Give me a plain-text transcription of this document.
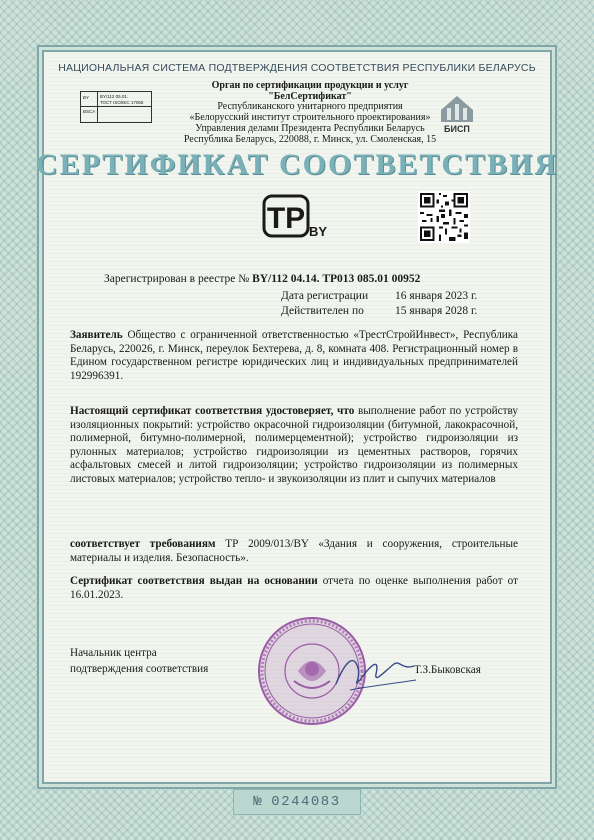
НАЦИОНАЛЬНАЯ СИСТЕМА ПОДТВЕРЖДЕНИЯ СООТВЕТСТВИЯ РЕСПУБЛИКИ БЕЛАРУСЬ
BY
BSCA
BY/112 05.01.
ТОСТ ISO/IEC 17065
Орган по сертификации продукции и услуг
"БелСертификат"
Республиканского унитарного предприятия
«Белорусский институт строительного проектирования»
Управления делами Президента Республики Беларусь
Республика Беларусь, 220088, г. Минск, ул. Смоленская, 15
БИСП
СЕРТИФИКАТ СООТВЕТСТВИЯ
TP BY
Зарегистрирован в реестре № BY/112 04.14. ТР013 085.01 00952
Дата регистрации 16 января 2023 г.
Действителен по	15 января 2028 г.
Заявитель Общество с ограниченной ответственностью «ТрестСтройИнвест», Республика Беларусь, 220026, г. Минск, переулок Бехтерева, д. 8, комната 408. Регистрационный номер в Едином государственном регистре юридических лиц и индивидуальных предпринимателей 192996391.
Настоящий сертификат соответствия удостоверяет, что выполнение работ по устройству изоляционных покрытий: устройство окрасочной гидроизоляции (битумной, лакокрасочной, полимерной, битумно-полимерной, полимерцементной); устройство гидроизоляции из рулонных материалов; устройство гидроизоляции из цементных растворов, горячих асфальтовых смесей и литой гидроизоляции; устройство гидроизоляции из полимерных листовых материалов; устройство тепло- и звукоизоляции из плит и сыпучих материалов
соответствует требованиям ТР 2009/013/BY «Здания и сооружения, строительные материалы и изделия. Безопасность».
Сертификат соответствия выдан на основании отчета по оценке выполнения работ от 16.01.2023.
Начальник центра
подтверждения соответствия	Т.З.Быковская
№ 0244083
